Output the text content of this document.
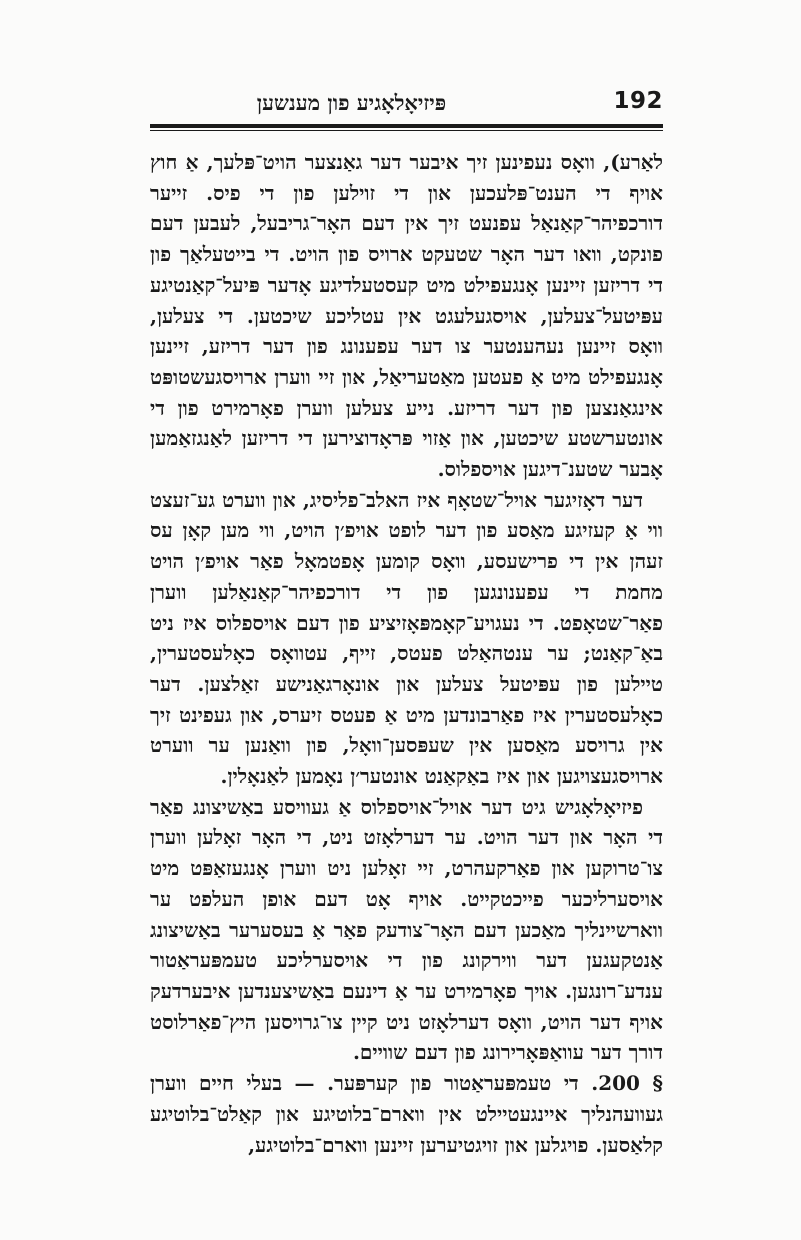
192
פּיזיאָלאָגיע פון מענשען

לאַרע), וואָס נעפינען זיך איבער דער גאַנצער הויט־פּלעך, אַ חוץ אויף די הענט־פּלעכען און די זוילען פון די פיס. זייער דורכפיהר־קאַנאַל עפנעט זיך אין דעם האָר־גריבעל, לעבען דעם פונקט, וואו דער האָר שטעקט ארויס פון הויט. די בייטעלאַך פון די דריזען זיינען אָנגעפילט מיט קעסטעלדיגע אָדער פּיעל־קאַנטיגע עפּיטעל־צעלען, אויסגעלעגט אין עטליכע שיכטען. די צעלען, וואָס זיינען נעהענטער צו דער עפענונג פון דער דריזע, זיינען אָנגעפילט מיט אַ פעטען מאַטעריאַל, און זיי ווערן ארויסגעשטופּט אינגאַנצען פון דער דריזע. נייע צעלען ווערן פאָרמירט פון די אונטערשטע שיכטען, און אַזוי פּראָדוצירען די דריזען לאַנגזאַמען אָבער שטענ־דיגען אויספלוס.

דער דאָזיגער אויל־שטאָף איז האלב־פליסיג, און ווערט גע־זעצט ווי אַ קעזיגע מאַסע פון דער לופט אויפ׳ן הויט, ווי מען קאָן עס זעהן אין די פרישעסע, וואָס קומען אָפטמאָל פאַר אויפ׳ן הויט מחמת די עפענונגען פון די דורכפיהר־קאַנאַלען ווערן פאַר־שטאָפט. די נעגויע־קאָמפּאָזיציע פון דעם אויספלוס איז ניט באַ־קאַנט; ער ענטהאַלט פעטס, זייף, עטוואָס כאָלעסטערין, טיילען פון עפּיטעל צעלען און אונאָרגאַנישע זאַלצען. דער כאָלעסטערין איז פאַרבונדען מיט אַ פעטס זיערס, און געפינט זיך אין גרויסע מאַסען אין שעפּסען־וואָל, פון וואַנען ער ווערט ארויסגעצויגען און איז באַקאַנט אונטער׳ן נאָמען לאַנאָלין.

פיזיאָלאָגיש גיט דער אויל־אויספלוס אַ געוויסע באַשיצונג פאַר די האָר און דער הויט. ער דערלאָזט ניט, די האָר זאָלען ווערן צו־טרוקען און פאַרקעהרט, זיי זאָלען ניט ווערן אָנגעזאַפּט מיט אויסערליכער פייכטקייט. אויף אָט דעם אופן העלפט ער ווארשיינליך מאַכען דעם האָר־צודעק פאַר אַ בעסערער באַשיצונג אַנטקעגען דער ווירקונג פון די אויסערליכע טעמפּעראַטור ענדע־רונגען. אויך פאָרמירט ער אַ דינעם באַשיצענדען איבערדעק אויף דער הויט, וואָס דערלאָזט ניט קיין צו־גרויסען היץ־פאַרלוסט דורך דער עוואַפּאָרירונג פון דעם שוויים.

§ 200. די טעמפּעראַטור פון קערפּער. — בעלי חיים ווערן געוועהנליך איינגעטיילט אין ווארם־בלוטיגע און קאַלט־בלוטיגע קלאַסען. פויגלען און זויגטיערען זיינען ווארם־בלוטיגע,
